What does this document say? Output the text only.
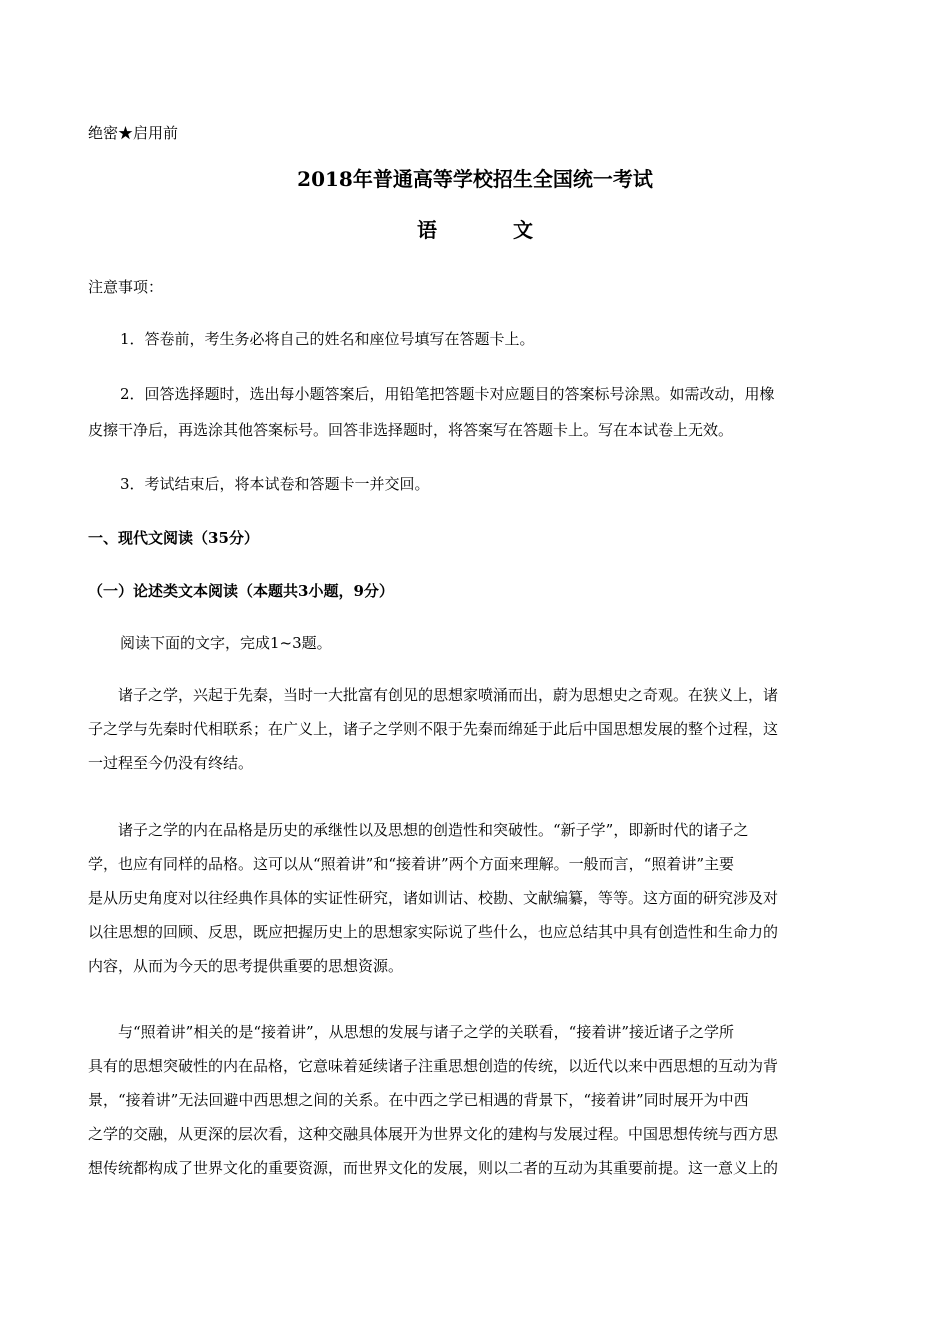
绝密★启用前
2018年普通高等学校招生全国统一考试
语　文
注意事项：
1．答卷前，考生务必将自己的姓名和座位号填写在答题卡上。
2．回答选择题时，选出每小题答案后，用铅笔把答题卡对应题目的答案标号涂黑。如需改动，用橡
皮擦干净后，再选涂其他答案标号。回答非选择题时，将答案写在答题卡上。写在本试卷上无效。
3．考试结束后，将本试卷和答题卡一并交回。
一、现代文阅读（35分）
（一）论述类文本阅读（本题共3小题，9分）
阅读下面的文字，完成1~3题。
诸子之学，兴起于先秦，当时一大批富有创见的思想家喷涌而出，蔚为思想史之奇观。在狭义上，诸
子之学与先秦时代相联系；在广义上，诸子之学则不限于先秦而绵延于此后中国思想发展的整个过程，这
一过程至今仍没有终结。
诸子之学的内在品格是历史的承继性以及思想的创造性和突破性。“新子学”，即新时代的诸子之
学，也应有同样的品格。这可以从“照着讲”和“接着讲”两个方面来理解。一般而言，“照着讲”主要
是从历史角度对以往经典作具体的实证性研究，诸如训诂、校勘、文献编纂，等等。这方面的研究涉及对
以往思想的回顾、反思，既应把握历史上的思想家实际说了些什么，也应总结其中具有创造性和生命力的
内容，从而为今天的思考提供重要的思想资源。
与“照着讲”相关的是“接着讲”，从思想的发展与诸子之学的关联看，“接着讲”接近诸子之学所
具有的思想突破性的内在品格，它意味着延续诸子注重思想创造的传统，以近代以来中西思想的互动为背
景，“接着讲”无法回避中西思想之间的关系。在中西之学已相遇的背景下，“接着讲”同时展开为中西
之学的交融，从更深的层次看，这种交融具体展开为世界文化的建构与发展过程。中国思想传统与西方思
想传统都构成了世界文化的重要资源，而世界文化的发展，则以二者的互动为其重要前提。这一意义上的
